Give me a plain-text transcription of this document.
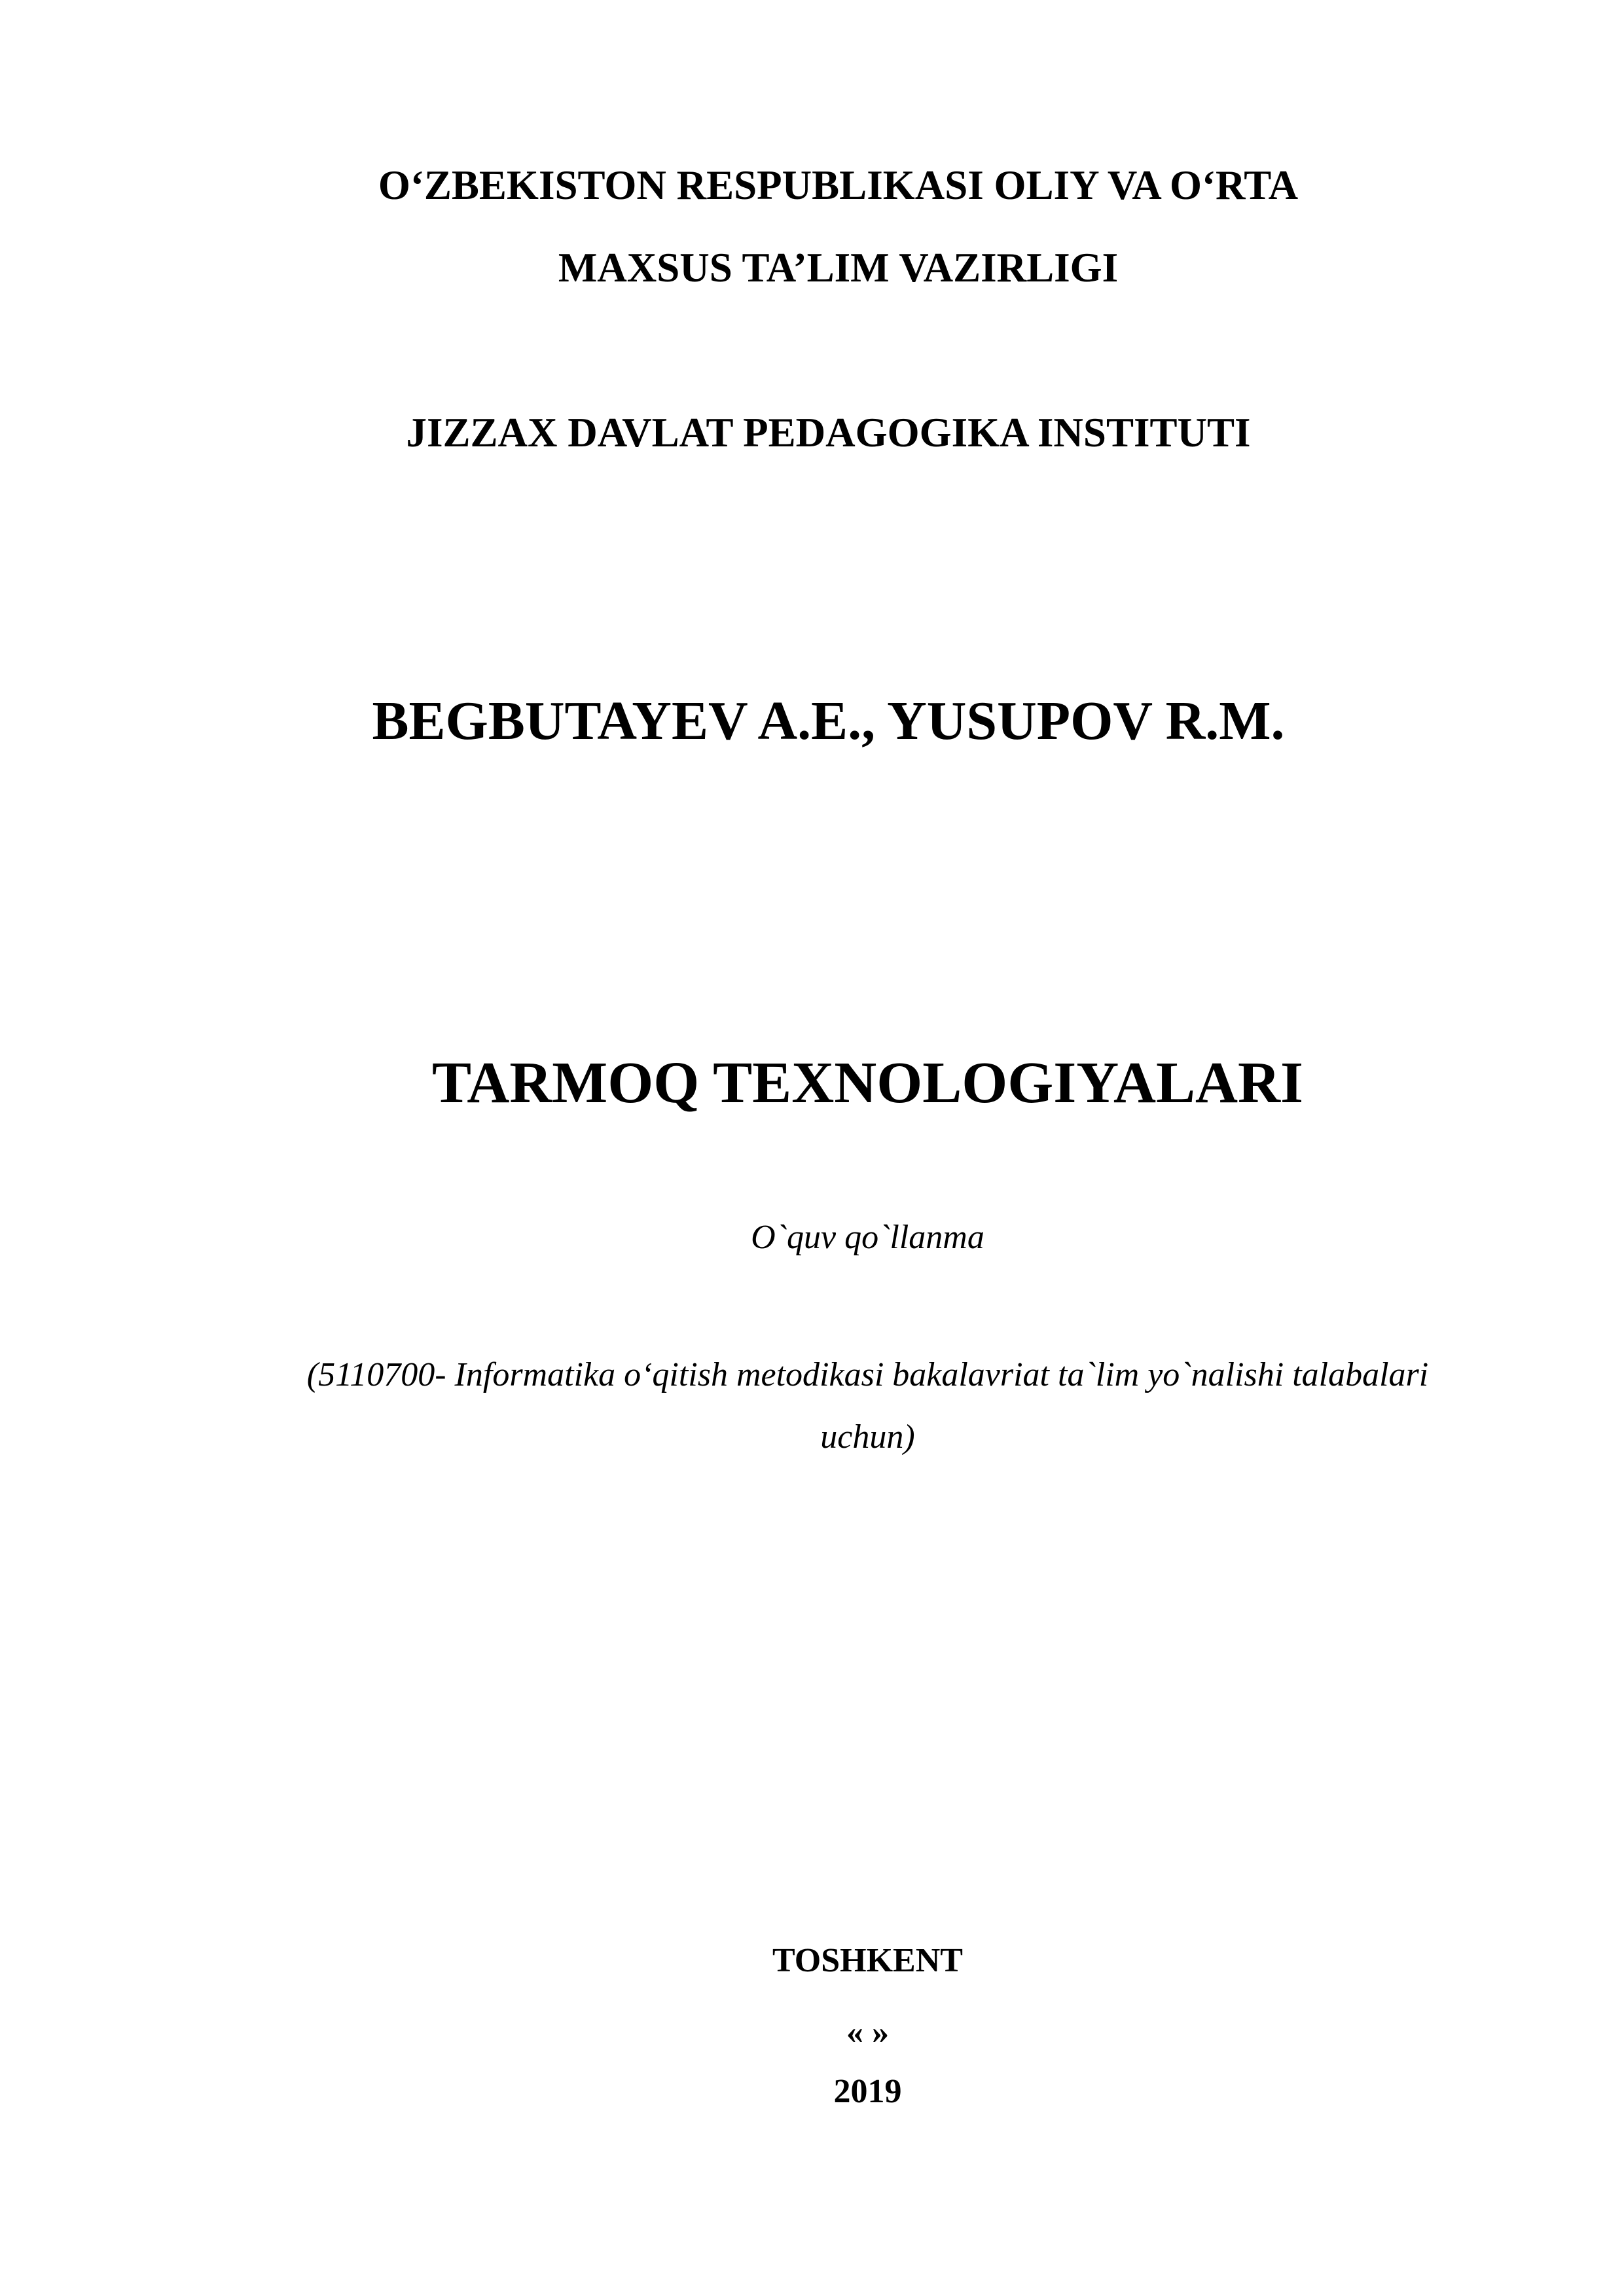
O‘ZBEKISTON RESPUBLIKASI OLIY VA O‘RTA
MAXSUS TA’LIM VAZIRLIGI
JIZZAX DAVLAT PEDAGOGIKA INSTITUTI
BEGBUTAYEV A.E., YUSUPOV R.M.
TARMOQ TEXNOLOGIYALARI
O`quv qo`llanma
(5110700- Informatika o‘qitish metodikasi bakalavriat ta`lim yo`nalishi talabalari
uchun)
TOSHKENT
« »
2019
